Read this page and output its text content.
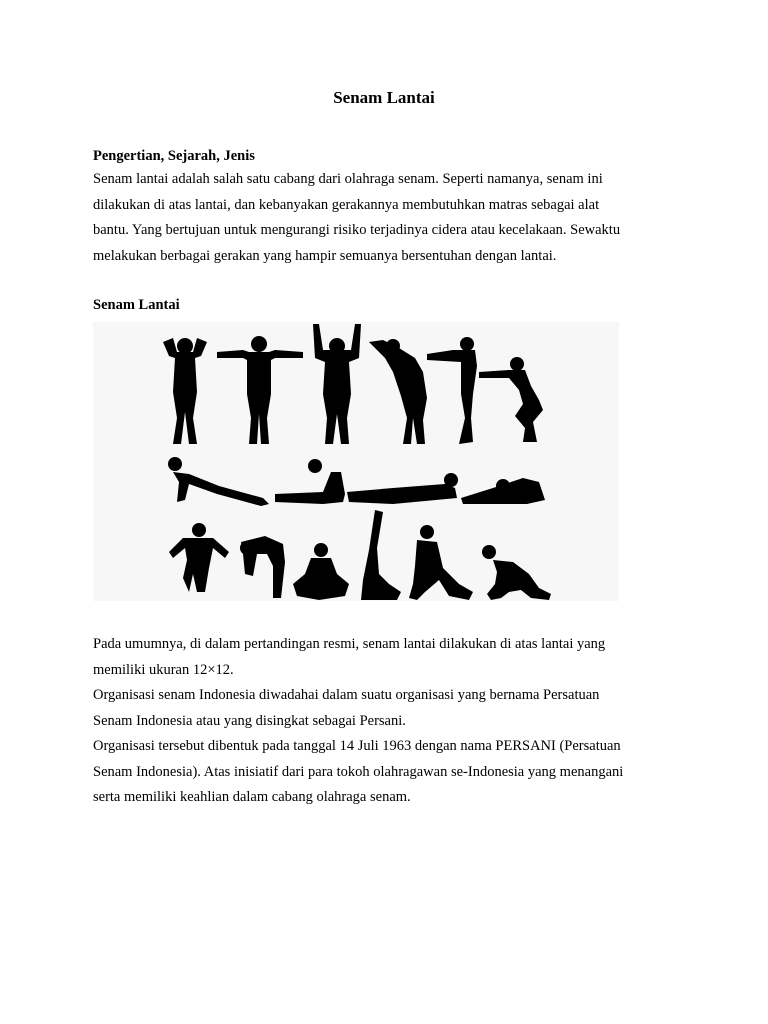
Senam Lantai
Pengertian, Sejarah, Jenis
Senam lantai adalah salah satu cabang dari olahraga senam. Seperti namanya, senam ini
dilakukan di atas lantai, dan kebanyakan gerakannya membutuhkan matras sebagai alat
bantu. Yang bertujuan untuk mengurangi risiko terjadinya cidera atau kecelakaan. Sewaktu
melakukan berbagai gerakan yang hampir semuanya bersentuhan dengan lantai.
Senam Lantai
Pada umumnya, di dalam pertandingan resmi, senam lantai dilakukan di atas lantai yang
memiliki ukuran 12×12.
Organisasi senam Indonesia diwadahai dalam suatu organisasi yang bernama Persatuan
Senam Indonesia atau yang disingkat sebagai Persani.
Organisasi tersebut dibentuk pada tanggal 14 Juli 1963 dengan nama PERSANI (Persatuan
Senam Indonesia). Atas inisiatif dari para tokoh olahragawan se-Indonesia yang menangani
serta memiliki keahlian dalam cabang olahraga senam.
